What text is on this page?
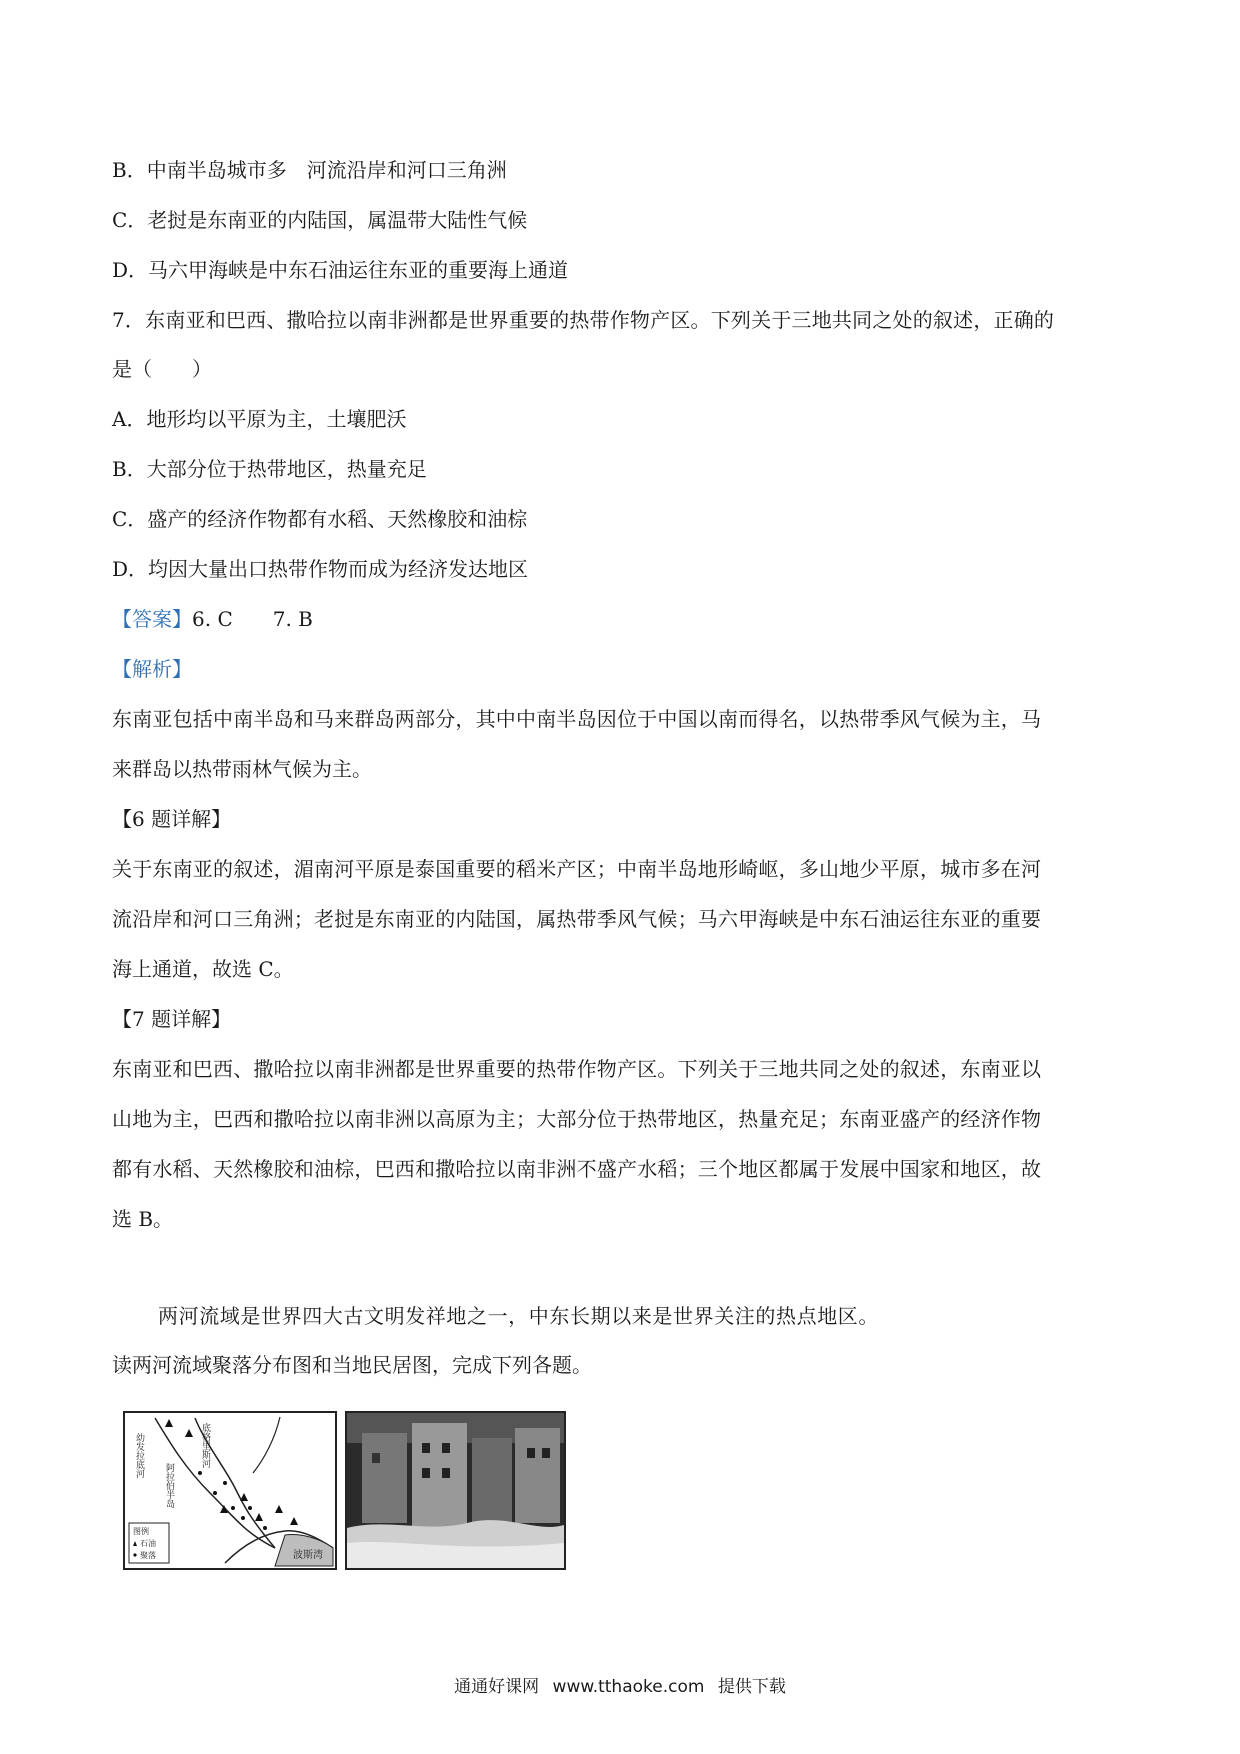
B．中南半岛城市多　河流沿岸和河口三角洲
C．老挝是东南亚的内陆国，属温带大陆性气候
D．马六甲海峡是中东石油运往东亚的重要海上通道
7．东南亚和巴西、撒哈拉以南非洲都是世界重要的热带作物产区。下列关于三地共同之处的叙述，正确的
是（　　）
A．地形均以平原为主，土壤肥沃
B．大部分位于热带地区，热量充足
C．盛产的经济作物都有水稻、天然橡胶和油棕
D．均因大量出口热带作物而成为经济发达地区
【答案】6. C　　7. B
【解析】
东南亚包括中南半岛和马来群岛两部分，其中中南半岛因位于中国以南而得名，以热带季风气候为主，马
来群岛以热带雨林气候为主。
【6 题详解】
关于东南亚的叙述，湄南河平原是泰国重要的稻米产区；中南半岛地形崎岖，多山地少平原，城市多在河
流沿岸和河口三角洲；老挝是东南亚的内陆国，属热带季风气候；马六甲海峡是中东石油运往东亚的重要
海上通道，故选 C。
【7 题详解】
东南亚和巴西、撒哈拉以南非洲都是世界重要的热带作物产区。下列关于三地共同之处的叙述，东南亚以
山地为主，巴西和撒哈拉以南非洲以高原为主；大部分位于热带地区，热量充足；东南亚盛产的经济作物
都有水稻、天然橡胶和油棕，巴西和撒哈拉以南非洲不盛产水稻；三个地区都属于发展中国家和地区，故
选 B。
两河流域是世界四大古文明发祥地之一，中东长期以来是世界关注的热点地区。
读两河流域聚落分布图和当地民居图，完成下列各题。
幼发拉底河	底格里斯河
阿拉伯半岛
波斯湾
图例
石油
聚落
通通好课网 www.tthaoke.com 提供下载
